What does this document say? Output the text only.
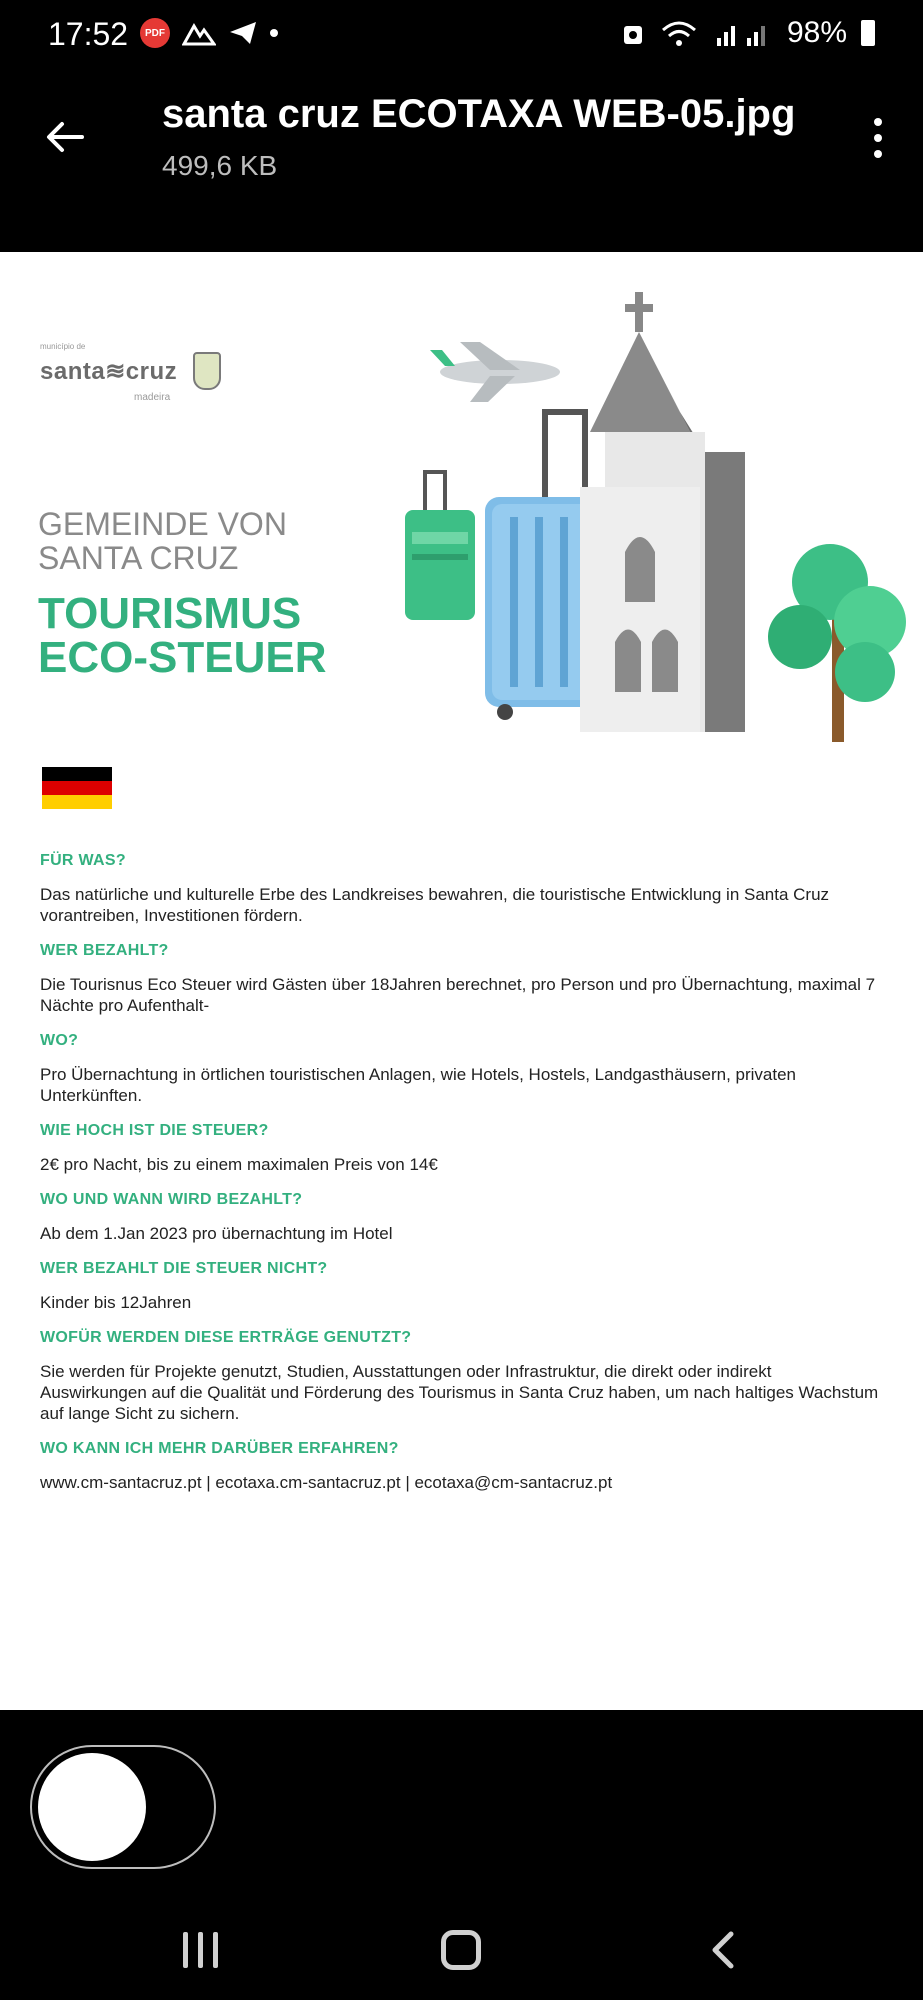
17:52	PDF	98%
santa cruz ECOTAXA WEB-05.jpg
499,6 KB
município de
santa≋cruz
madeira
GEMEINDE VON
SANTA CRUZ
TOURISMUS
ECO-STEUER
FÜR WAS?
Das natürliche und kulturelle Erbe des Landkreises bewahren, die touristische Entwicklung in Santa Cruz vorantreiben, Investitionen fördern.
WER BEZAHLT?
Die Tourisnus Eco Steuer wird Gästen über 18Jahren berechnet, pro Person und pro Übernachtung, maximal 7 Nächte pro Aufenthalt-
WO?
Pro Übernachtung in örtlichen touristischen Anlagen, wie Hotels, Hostels, Landgasthäusern, privaten Unterkünften.
WIE HOCH IST DIE STEUER?
2€ pro Nacht, bis zu einem maximalen Preis von 14€
WO UND WANN WIRD BEZAHLT?
Ab dem 1.Jan 2023 pro übernachtung im Hotel
WER BEZAHLT DIE STEUER NICHT?
Kinder bis 12Jahren
WOFÜR WERDEN DIESE ERTRÄGE GENUTZT?
Sie werden für Projekte genutzt, Studien, Ausstattungen oder Infrastruktur, die direkt oder indirekt Auswirkungen auf die Qualität und Förderung des Tourismus in Santa Cruz haben, um nach haltiges Wachstum auf lange Sicht zu sichern.
WO KANN ICH MEHR DARÜBER ERFAHREN?
www.cm-santacruz.pt | ecotaxa.cm-santacruz.pt | ecotaxa@cm-santacruz.pt
